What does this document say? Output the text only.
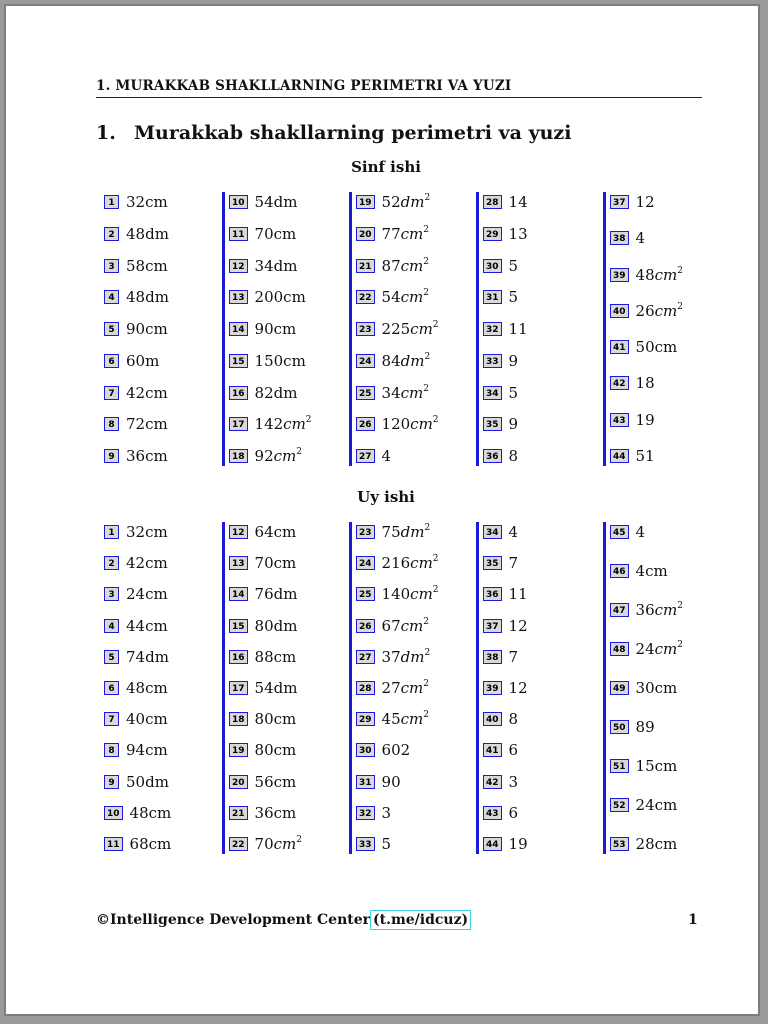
1. MURAKKAB SHAKLLARNING PERIMETRI VA YUZI
1. Murakkab shakllarning perimetri va yuzi
Sinf ishi
1 32cm
2 48dm
3 58cm
4 48dm
5 90cm
6 60m
7 42cm
8 72cm
9 36cm
10 54dm
11 70cm
12 34dm
13 200cm
14 90cm
15 150cm
16 82dm
17 $142cm^2$
18 $92cm^2$
19 $52dm^2$
20 $77cm^2$
21 $87cm^2$
22 $54cm^2$
23 $225cm^2$
24 $84dm^2$
25 $34cm^2$
26 $120cm^2$
27 4
28 14
29 13
30 5
31 5
32 11
33 9
34 5
35 9
36 8
37 12
38 4
39 $48cm^2$
40 $26cm^2$
41 50cm
42 18
43 19
44 51
Uy ishi
1 32cm
2 42cm
3 24cm
4 44cm
5 74dm
6 48cm
7 40cm
8 94cm
9 50dm
10 48cm
11 68cm
12 64cm
13 70cm
14 76dm
15 80dm
16 88cm
17 54dm
18 80cm
19 80cm
20 56cm
21 36cm
22 $70cm^2$
23 $75dm^2$
24 $216cm^2$
25 $140cm^2$
26 $67cm^2$
27 $37dm^2$
28 $27cm^2$
29 $45cm^2$
30 602
31 90
32 3
33 5
34 4
35 7
36 11
37 12
38 7
39 12
40 8
41 6
42 3
43 6
44 19
45 4
46 4cm
47 $36cm^2$
48 $24cm^2$
49 30cm
50 89
51 15cm
52 24cm
53 28cm
©Intelligence Development Center (t.me/idcuz)	1
